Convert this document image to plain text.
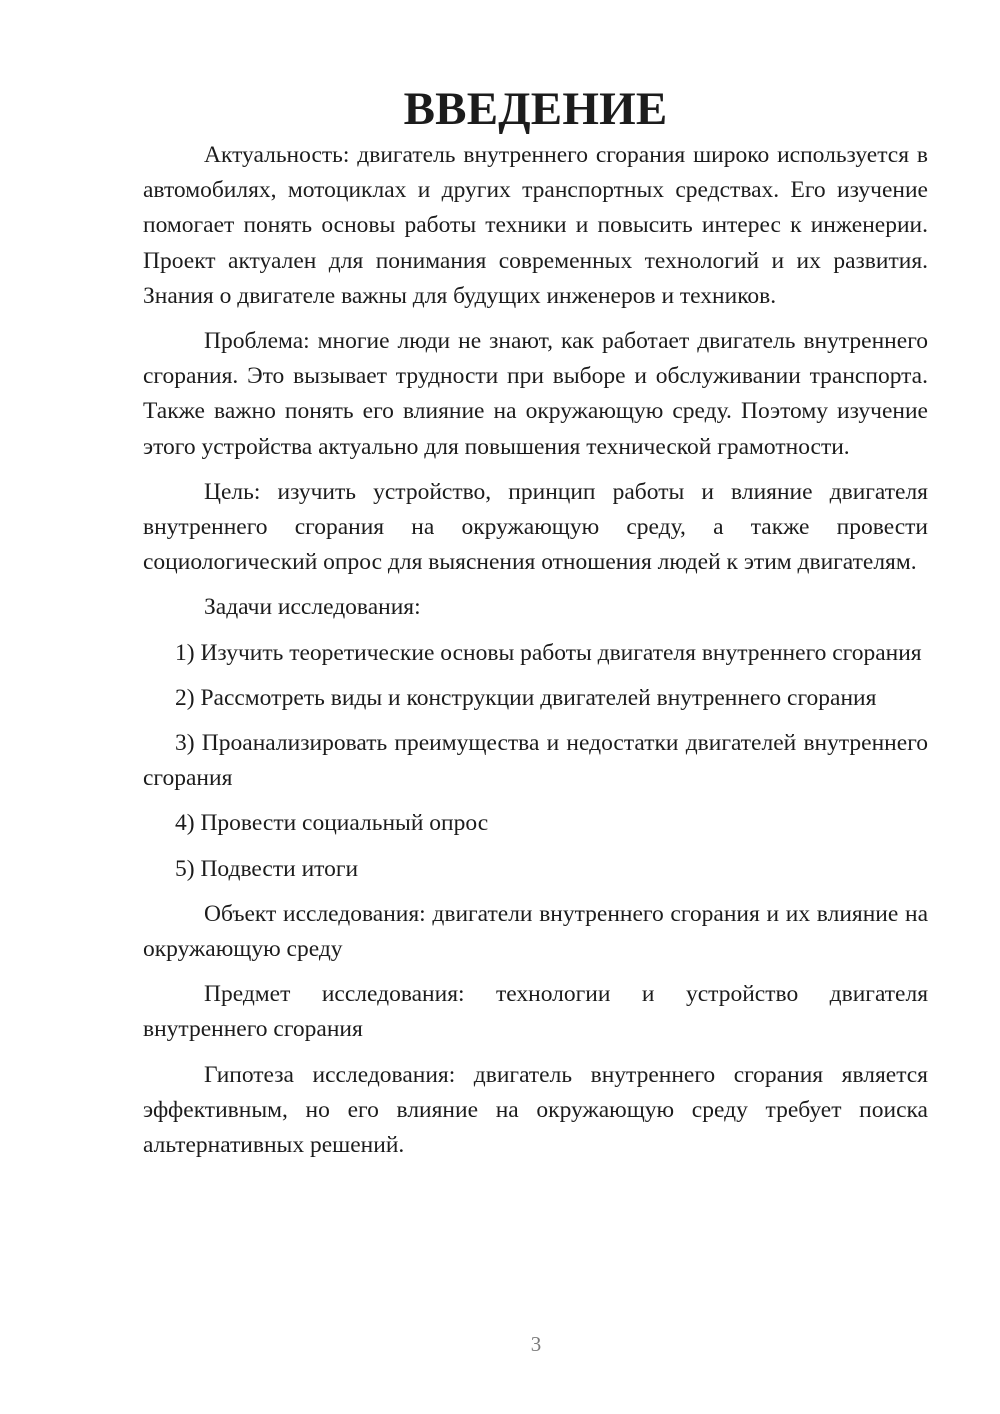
ВВЕДЕНИЕ

Актуальность: двигатель внутреннего сгорания широко используется в автомобилях, мотоциклах и других транспортных средствах. Его изучение помогает понять основы работы техники и повысить интерес к инженерии. Проект актуален для понимания современных технологий и их развития. Знания о двигателе важны для будущих инженеров и техников.

Проблема: многие люди не знают, как работает двигатель внутреннего сгорания. Это вызывает трудности при выборе и обслуживании транспорта. Также важно понять его влияние на окружающую среду. Поэтому изучение этого устройства актуально для повышения технической грамотности.

Цель: изучить устройство, принцип работы и влияние двигателя внутреннего сгорания на окружающую среду, а также провести социологический опрос для выяснения отношения людей к этим двигателям.

Задачи исследования:

1) Изучить теоретические основы работы двигателя внутреннего сгорания

2) Рассмотреть виды и конструкции двигателей внутреннего сгорания

3) Проанализировать преимущества и недостатки двигателей внутреннего сгорания

4) Провести социальный опрос

5) Подвести итоги

Объект исследования: двигатели внутреннего сгорания и их влияние на окружающую среду

Предмет исследования: технологии и устройство двигателя внутреннего сгорания

Гипотеза исследования: двигатель внутреннего сгорания является эффективным, но его влияние на окружающую среду требует поиска альтернативных решений.

3
